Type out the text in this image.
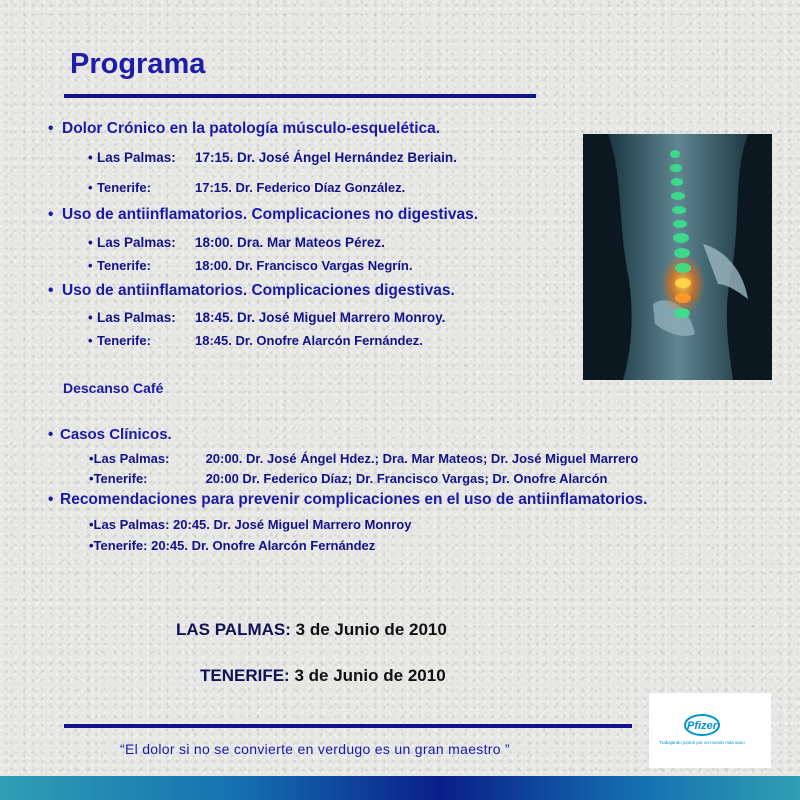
Programa
• Dolor Crónico en la patología músculo-esquelética.
• Las Palmas: 17:15. Dr. José Ángel Hernández Beriain.
• Tenerife:	17:15. Dr. Federico Díaz González.
• Uso de antiinflamatorios. Complicaciones no digestivas.
• Las Palmas: 18:00. Dra. Mar Mateos Pérez.
• Tenerife:	18:00. Dr. Francisco Vargas Negrín.
• Uso de antiinflamatorios. Complicaciones digestivas.
• Las Palmas: 18:45. Dr. José Miguel Marrero Monroy.
• Tenerife:	18:45. Dr. Onofre Alarcón Fernández.
Descanso Café
• Casos Clínicos.
•Las Palmas:	20:00. Dr. José Ángel Hdez.; Dra. Mar Mateos; Dr. José Miguel Marrero
•Tenerife:	20:00 Dr. Federico Díaz; Dr. Francisco Vargas; Dr. Onofre Alarcón
• Recomendaciones para prevenir complicaciones en el uso de antiinflamatorios.
•Las Palmas: 20:45. Dr. José Miguel Marrero Monroy
•Tenerife: 20:45. Dr. Onofre Alarcón Fernández
LAS PALMAS: 3 de Junio de 2010
TENERIFE: 3 de Junio de 2010
“El dolor si no se convierte en verdugo es un gran maestro ”
Pfizer
Trabajando juntos por un mundo más sano
